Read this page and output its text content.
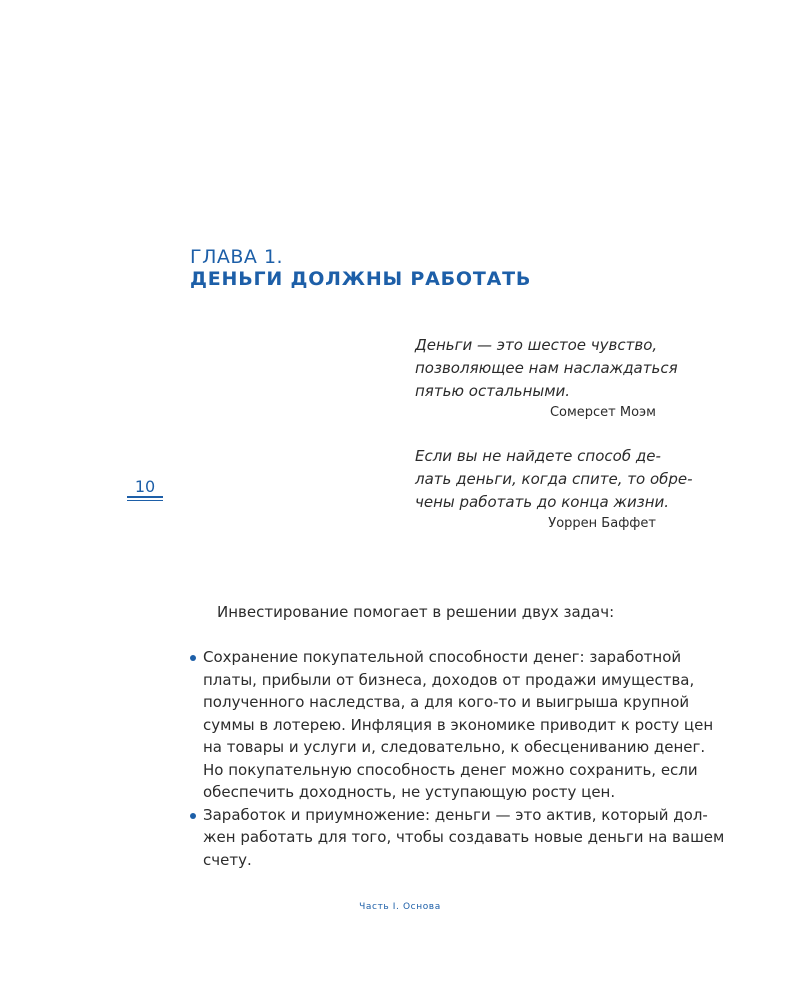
ГЛАВА 1.
ДЕНЬГИ ДОЛЖНЫ РАБОТАТЬ
Деньги — это шестое чувство,
позволяющее нам наслаждаться
пятью остальными.
Сомерсет Моэм
Если вы не найдете способ де-
лать деньги, когда спите, то обре-
чены работать до конца жизни.
Уоррен Баффет
10
Инвестирование помогает в решении двух задач:
Сохранение покупательной способности денег: заработной
платы, прибыли от бизнеса, доходов от продажи имущества,
полученного наследства, а для кого-то и выигрыша крупной
суммы в лотерею. Инфляция в экономике приводит к росту цен
на товары и услуги и, следовательно, к обесцениванию денег.
Но покупательную способность денег можно сохранить, если
обеспечить доходность, не уступающую росту цен.
Заработок и приумножение: деньги — это актив, который дол-
жен работать для того, чтобы создавать новые деньги на вашем
счету.
Часть I. Основа
